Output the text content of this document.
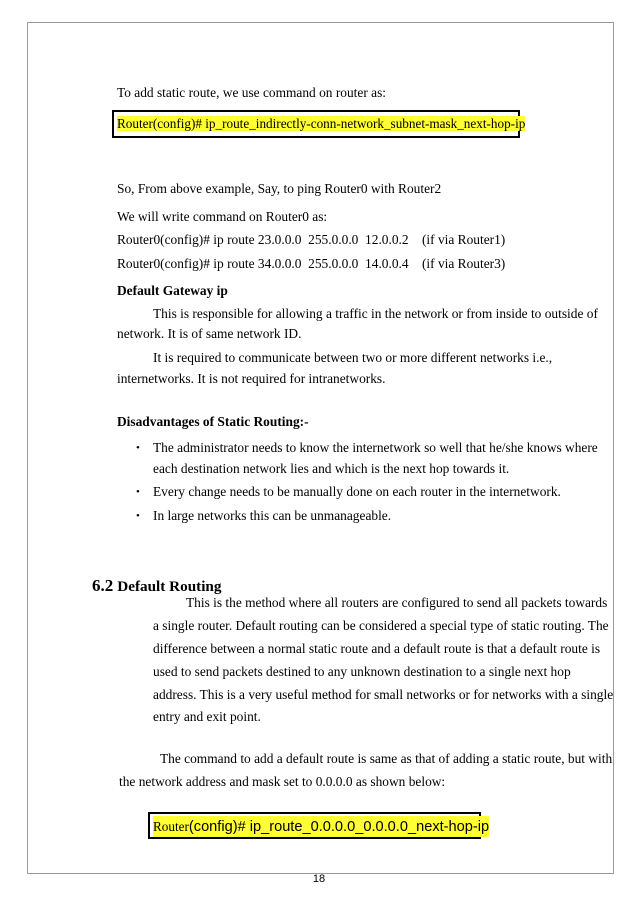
To add static route, we use command on router as:
Router(config)# ip_route_indirectly-conn-network_subnet-mask_next-hop-ip
So, From above example, Say, to ping Router0 with Router2
We will write command on Router0 as:
Router0(config)# ip route 23.0.0.0  255.0.0.0  12.0.0.2    (if via Router1)
Router0(config)# ip route 34.0.0.0  255.0.0.0  14.0.0.4    (if via Router3)
Default Gateway ip
This is responsible for allowing a traffic in the network or from inside to outside of
network. It is of same network ID.
It is required to communicate between two or more different networks i.e.,
internetworks. It is not required for intranetworks.
Disadvantages of Static Routing:-
• The administrator needs to know the internetwork so well that he/she knows where
each destination network lies and which is the next hop towards it.
• Every change needs to be manually done on each router in the internetwork.
• In large networks this can be unmanageable.
6.2 Default Routing
This is the method where all routers are configured to send all packets towards
a single router. Default routing can be considered a special type of static routing. The
difference between a normal static route and a default route is that a default route is
used to send packets destined to any unknown destination to a single next hop
address. This is a very useful method for small networks or for networks with a single
entry and exit point.
The command to add a default route is same as that of adding a static route, but with
the network address and mask set to 0.0.0.0 as shown below:
Router(config)# ip_route_0.0.0.0_0.0.0.0_next-hop-ip
18
